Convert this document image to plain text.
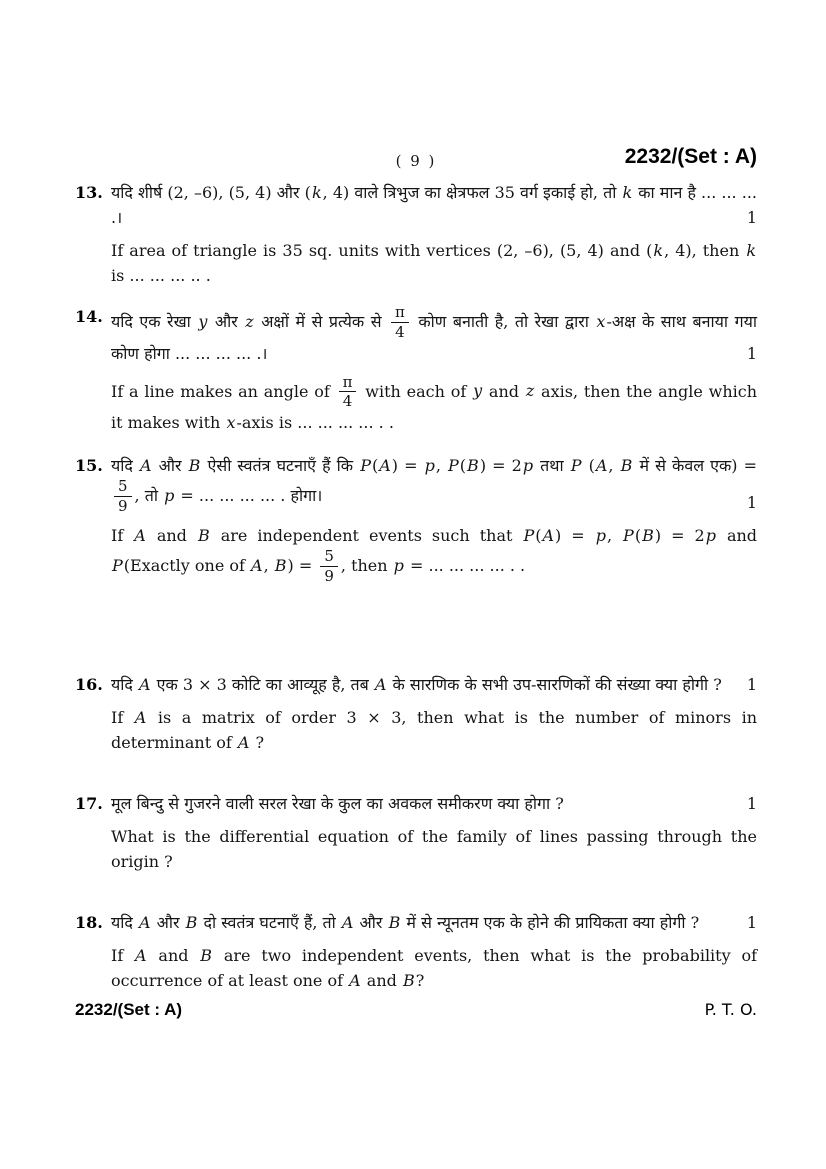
( 9 )	2232/(Set : A)
13. यदि शीर्ष (2, –6), (5, 4) और (k, 4) वाले त्रिभुज का क्षेत्रफल 35 वर्ग इकाई हो, तो k का मान है ... ... ... .।	1

If area of triangle is 35 sq. units with vertices (2, –6), (5, 4) and (k, 4), then k is ... ... ... .. .

14. यदि एक रेखा y और z अक्षों में से प्रत्येक से $\frac{\pi}{4}$ कोण बनाती है, तो रेखा द्वारा x-अक्ष के साथ बनाया गया कोण होगा ... ... ... ... .।	1

If a line makes an angle of $\frac{\pi}{4}$ with each of y and z axis, then the angle which it makes with x-axis is ... ... ... ... . .

15. यदि A और B ऐसी स्वतंत्र घटनाएँ हैं कि P(A) = p, P(B) = 2p तथा P (A, B में से केवल एक) =
$\frac{5}{9}$ , तो p = ... ... ... ... . होगा।	1

If A and B are independent events such that P(A) = p, P(B) = 2p and P(Exactly one of A, $B) = \frac{5}{9}$ , then p = ... ... ... ... . .

16. यदि A एक 3 × 3 कोटि का आव्यूह है, तब A के सारणिक के सभी उप-सारणिकों की संख्या क्या होगी ? 1

If A is a matrix of order 3 × 3, then what is the number of minors in determinant of A ?

17. मूल बिन्दु से गुजरने वाली सरल रेखा के कुल का अवकल समीकरण क्या होगा ?	1

What is the differential equation of the family of lines passing through the origin ?

18. यदि A और B दो स्वतंत्र घटनाएँ हैं, तो A और B में से न्यूनतम एक के होने की प्रायिकता क्या होगी ?	1

If A and B are two independent events, then what is the probability of occurrence of at least one of A and B?

2232/(Set : A)	P. T. O.
